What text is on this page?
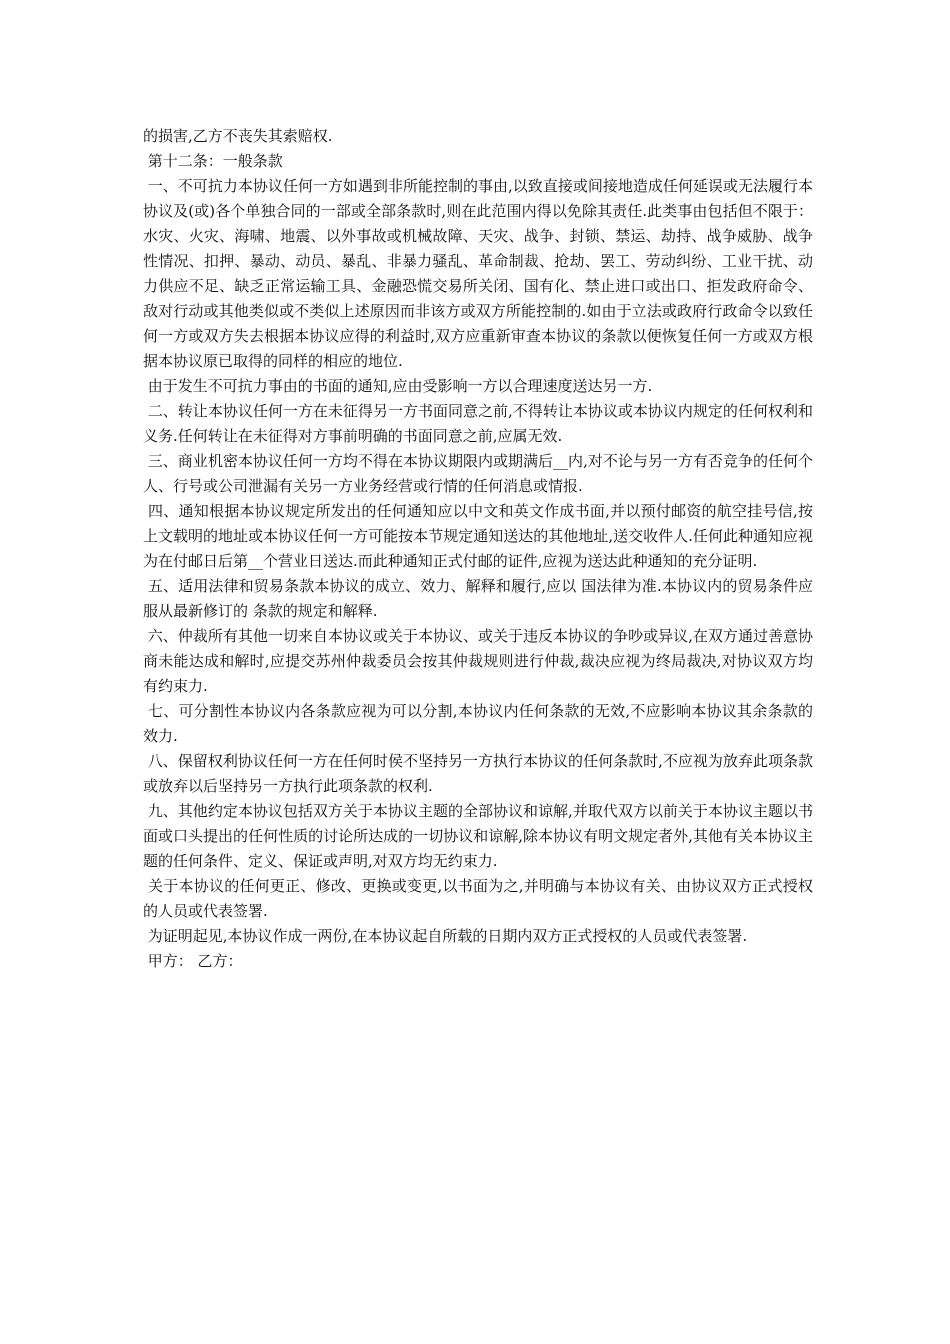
的损害,乙方不丧失其索赔权.

第十二条：一般条款

一、不可抗力本协议任何一方如遇到非所能控制的事由,以致直接或间接地造成任何延误或无法履行本协议及(或)各个单独合同的一部或全部条款时,则在此范围内得以免除其责任.此类事由包括但不限于：水灾、火灾、海啸、地震、以外事故或机械故障、天灾、战争、封锁、禁运、劫持、战争威胁、战争性情况、扣押、暴动、动员、暴乱、非暴力骚乱、革命制裁、抢劫、罢工、劳动纠纷、工业干扰、动力供应不足、缺乏正常运输工具、金融恐慌交易所关闭、国有化、禁止进口或出口、拒发政府命令、敌对行动或其他类似或不类似上述原因而非该方或双方所能控制的.如由于立法或政府行政命令以致任何一方或双方失去根据本协议应得的利益时,双方应重新审查本协议的条款以便恢复任何一方或双方根据本协议原已取得的同样的相应的地位.

由于发生不可抗力事由的书面的通知,应由受影响一方以合理速度送达另一方.

二、转让本协议任何一方在未征得另一方书面同意之前,不得转让本协议或本协议内规定的任何权利和义务.任何转让在未征得对方事前明确的书面同意之前,应属无效.

三、商业机密本协议任何一方均不得在本协议期限内或期满后__内,对不论与另一方有否竞争的任何个人、行号或公司泄漏有关另一方业务经营或行情的任何消息或情报.

四、通知根据本协议规定所发出的任何通知应以中文和英文作成书面,并以预付邮资的航空挂号信,按上文载明的地址或本协议任何一方可能按本节规定通知送达的其他地址,送交收件人.任何此种通知应视为在付邮日后第__个营业日送达.而此种通知正式付邮的证件,应视为送达此种通知的充分证明.

五、适用法律和贸易条款本协议的成立、效力、解释和履行,应以 国法律为准.本协议内的贸易条件应服从最新修订的 条款的规定和解释.

六、仲裁所有其他一切来自本协议或关于本协议、或关于违反本协议的争吵或异议,在双方通过善意协商未能达成和解时,应提交苏州仲裁委员会按其仲裁规则进行仲裁,裁决应视为终局裁决,对协议双方均有约束力.

七、可分割性本协议内各条款应视为可以分割,本协议内任何条款的无效,不应影响本协议其余条款的效力.

八、保留权利协议任何一方在任何时侯不坚持另一方执行本协议的任何条款时,不应视为放弃此项条款或放弃以后坚持另一方执行此项条款的权利.

九、其他约定本协议包括双方关于本协议主题的全部协议和谅解,并取代双方以前关于本协议主题以书面或口头提出的任何性质的讨论所达成的一切协议和谅解,除本协议有明文规定者外,其他有关本协议主题的任何条件、定义、保证或声明,对双方均无约束力.

关于本协议的任何更正、修改、更换或变更,以书面为之,并明确与本协议有关、由协议双方正式授权的人员或代表签署.

为证明起见,本协议作成一两份,在本协议起自所载的日期内双方正式授权的人员或代表签署.

甲方： 乙方：
